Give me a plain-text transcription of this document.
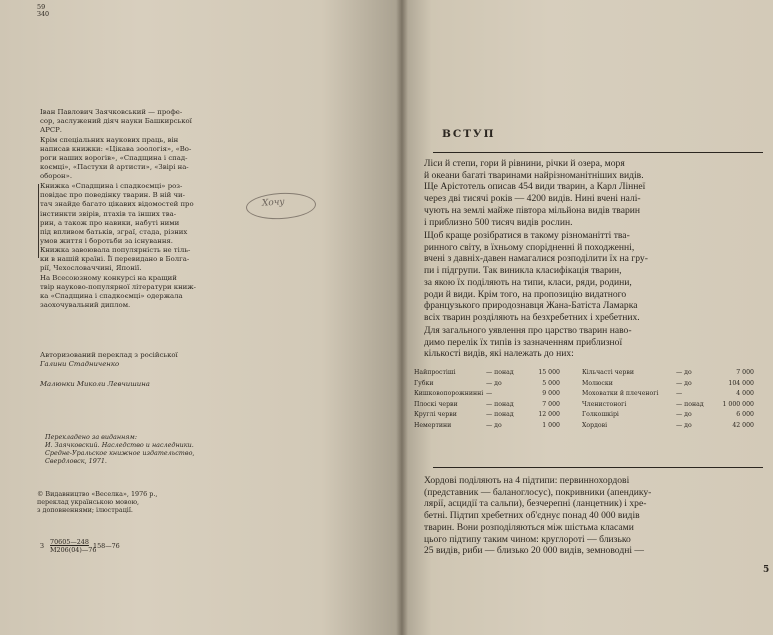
59
З40
Іван Павлович Заячковський — профе-
сор, заслужений діяч науки Башкирської
АРСР.
Крім спеціальних наукових праць, він
написав книжки: «Цікава зоологія», «Во-
роги наших ворогів», «Спадщина і спад-
коємці», «Пастухи й артисти», «Звірі на-
оборон».
Книжка «Спадщина і спадкоємці» роз-
повідає про поведінку тварин. В ній чи-
тач знайде багато цікавих відомостей про
інстинкти звірів, птахів та інших тва-
рин, а також про навики, набуті ними
під впливом батьків, зграї, стада, різних
умов життя і боротьби за існування.
Хочу
Книжка завоювала популярність не тіль-
ки в нашій країні. Її перевидано в Болга-
рії, Чехословаччині, Японії.
На Всесоюзному конкурсі на кращий
твір науково-популярної літератури книж-
ка «Спадщина і спадкоємці» одержала
заохочувальний диплом.
Авторизований переклад з російської
Галини Стадниченко
Малюнки Миколи Левчишина
Перекладено за виданням:
И. Заячковский. Наследство и наследники.
Средне-Уральское книжное издательство,
Свердловск, 1971.
© Видавництво «Веселка», 1976 р.,
переклад українською мовою,
з доповненнями; ілюстрації.
З 70605—248
М206(04)—76
158—76
ВСТУП
Ліси й степи, гори й рівнини, річки й озера, моря
й океани багаті тваринами найрізноманітніших видів.
Ще Арістотель описав 454 види тварин, а Карл Ліннеї
через дві тисячі років — 4200 видів. Нині вчені налі-
чують на землі майже півтора мільйона видів тварин
і приблизно 500 тисяч видів рослин.
Щоб краще розібратися в такому різноманітті тва-
ринного світу, в їхньому спорідненні й походженні,
вчені з давніх-давен намагалися розподілити їх на гру-
пи і підгрупи. Так виникла класифікація тварин,
за якою їх поділяють на типи, класи, ряди, родини,
роди й види. Крім того, на пропозицію видатного
французького природознавця Жана-Батіста Ламарка
всіх тварин розділяють на безхребетних і хребетних.
Для загального уявлення про царство тварин наво-
димо перелік їх типів із зазначенням приблизної
кількості видів, які належать до них:
Найпростіші	— понад	15 000
Губки	— до	5 000
Кишковопорожнинні —	9 000
Плоскі черви	— понад	7 000
Круглі черви	— понад	12 000
Немертини	— до	1 000
Кільчасті черви	— до	7 000
Молюски	— до	104 000
Моховатки й плеченогі	—	4 000
Членистоногі	— понад	1 000 000
Голкошкірі	— до	6 000
Хордові	— до	42 000
Хордові поділяють на 4 підтипи: первиннохордові
(представник — баланоглосус), покривники (апендику-
лярії, асцидії та сальпи), безчерепні (ланцетник) і хре-
бетні. Підтип хребетних об'єднує понад 40 000 видів
тварин. Вони розподіляються між шістьма класами
цього підтипу таким чином: круглороті — близько
25 видів, риби — близько 20 000 видів, земноводні —
5
